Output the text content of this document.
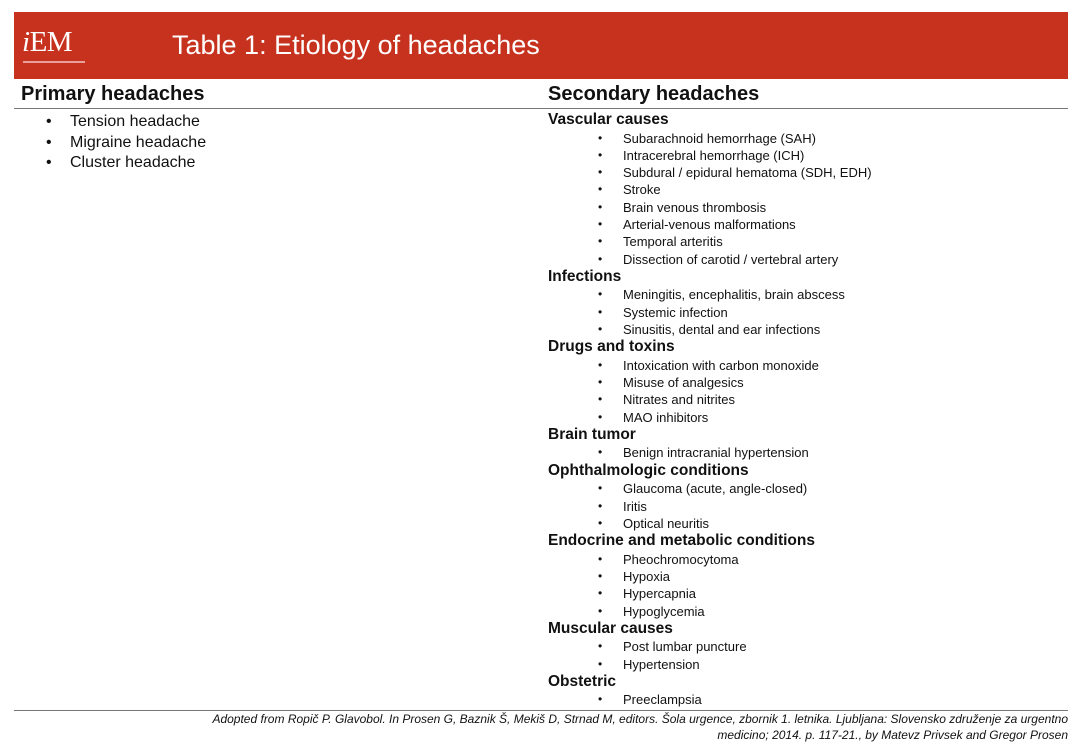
iEM	Table 1: Etiology of headaches
Primary headaches	Secondary headaches
• Tension headache
• Migraine headache
• Cluster headache
Vascular causes
• Subarachnoid hemorrhage (SAH)
• Intracerebral hemorrhage (ICH)
• Subdural / epidural hematoma (SDH, EDH)
• Stroke
• Brain venous thrombosis
• Arterial-venous malformations
• Temporal arteritis
• Dissection of carotid / vertebral artery
Infections
• Meningitis, encephalitis, brain abscess
• Systemic infection
• Sinusitis, dental and ear infections
Drugs and toxins
• Intoxication with carbon monoxide
• Misuse of analgesics
• Nitrates and nitrites
• MAO inhibitors
Brain tumor
• Benign intracranial hypertension
Ophthalmologic conditions
• Glaucoma (acute, angle-closed)
• Iritis
• Optical neuritis
Endocrine and metabolic conditions
• Pheochromocytoma
• Hypoxia
• Hypercapnia
• Hypoglycemia
Muscular causes
• Post lumbar puncture
• Hypertension
Obstetric
• Preeclampsia
Adopted from Ropič P. Glavobol. In Prosen G, Baznik Š, Mekiš D, Strnad M, editors. Šola urgence, zbornik 1. letnika. Ljubljana: Slovensko združenje za urgentno
medicino; 2014. p. 117-21., by Matevz Privsek and Gregor Prosen
